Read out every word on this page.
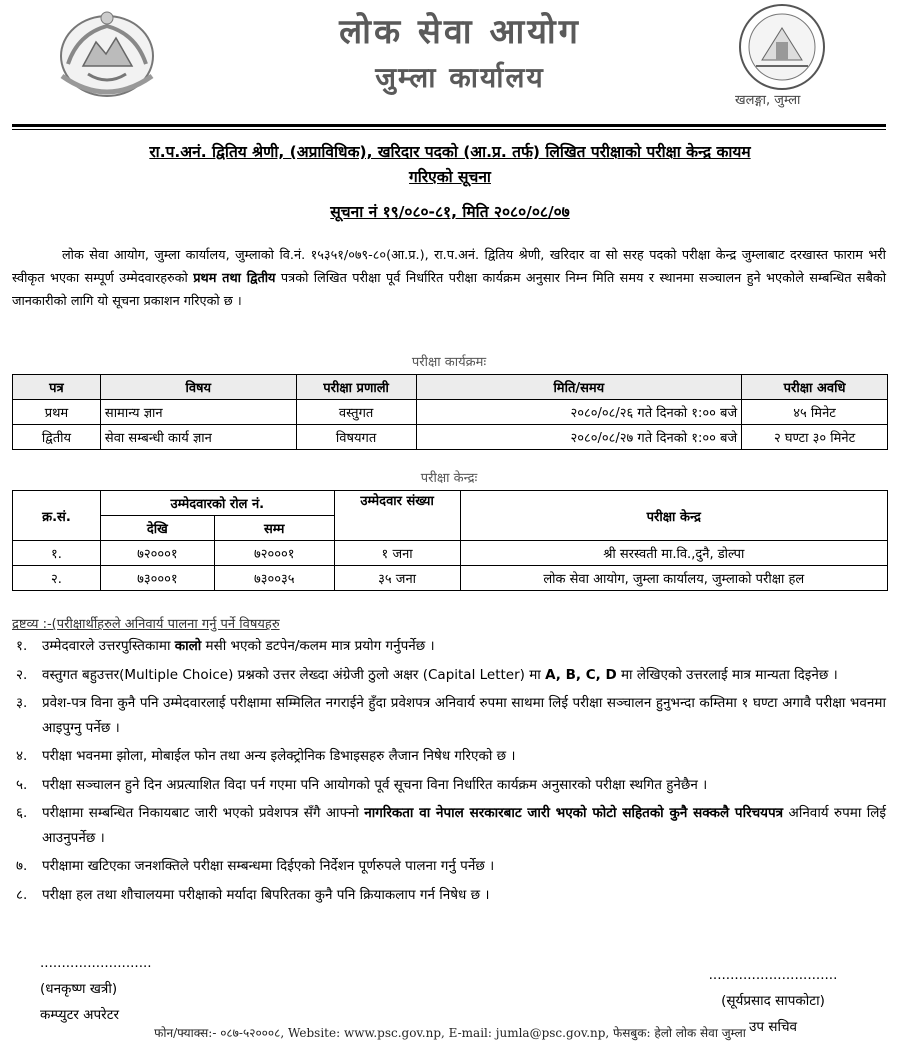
लोक सेवा आयोग
जुम्ला कार्यालय
खलङ्गा, जुम्ला
रा.प.अनं. द्वितिय श्रेणी, (अप्राविधिक), खरिदार पदको (आ.प्र. तर्फ) लिखित परीक्षाको परीक्षा केन्द्र कायम
गरिएको सूचना
सूचना नं १९/०८०-८१, मिति २०८०/०८/०७
लोक सेवा आयोग, जुम्ला कार्यालय, जुम्लाको वि.नं. १५३५१/०७९-८०(आ.प्र.), रा.प.अनं. द्वितिय श्रेणी, खरिदार वा सो सरह पदको परीक्षा केन्द्र जुम्लाबाट दरखास्त फाराम भरी स्वीकृत भएका सम्पूर्ण उम्मेदवारहरुको प्रथम तथा द्वितीय पत्रको लिखित परीक्षा पूर्व निर्धारित परीक्षा कार्यक्रम अनुसार निम्न मिति समय र स्थानमा सञ्चालन हुने भएकोले सम्बन्धित सबैको जानकारीको लागि यो सूचना प्रकाशन गरिएको छ ।
परीक्षा कार्यक्रमः
पत्र	विषय	परीक्षा प्रणाली	मिति/समय	परीक्षा अवधि
प्रथम	सामान्य ज्ञान	वस्तुगत	२०८०/०८/२६ गते दिनको १:०० बजे	४५ मिनेट
द्वितीय	सेवा सम्बन्धी कार्य ज्ञान	विषयगत	२०८०/०८/२७ गते दिनको १:०० बजे	२ घण्टा ३० मिनेट
परीक्षा केन्द्रः
क्र.सं.	उम्मेदवारको रोल नं.		उम्मेदवार संख्या	परीक्षा केन्द्र
	देखि	सम्म		
१.	७२०००१	७२०००१	१ जना	श्री सरस्वती मा.वि.,दुनै, डोल्पा
२.	७३०००१	७३००३५	३५ जना	लोक सेवा आयोग, जुम्ला कार्यालय, जुम्लाको परीक्षा हल
द्रष्टव्य :-(परीक्षार्थीहरुले अनिवार्य पालना गर्नु पर्ने विषयहरु
१. उम्मेदवारले उत्तरपुस्तिकामा कालो मसी भएको डटपेन/कलम मात्र प्रयोग गर्नुपर्नेछ ।
२. वस्तुगत बहुउत्तर(Multiple Choice) प्रश्नको उत्तर लेख्दा अंग्रेजी ठुलो अक्षर (Capital Letter) मा A, B, C, D मा लेखिएको उत्तरलाई मात्र मान्यता दिइनेछ ।
३. प्रवेश-पत्र विना कुनै पनि उम्मेदवारलाई परीक्षामा सम्मिलित नगराईने हुँदा प्रवेशपत्र अनिवार्य रुपमा साथमा लिई परीक्षा सञ्चालन हुनुभन्दा कम्तिमा १ घण्टा अगावै परीक्षा भवनमा आइपुग्नु पर्नेछ ।
४. परीक्षा भवनमा झोला, मोबाईल फोन तथा अन्य इलेक्ट्रोनिक डिभाइसहरु लैजान निषेध गरिएको छ ।
५. परीक्षा सञ्चालन हुने दिन अप्रत्याशित विदा पर्न गएमा पनि आयोगको पूर्व सूचना विना निर्धारित कार्यक्रम अनुसारको परीक्षा स्थगित हुनेछैन ।
६. परीक्षामा सम्बन्धित निकायबाट जारी भएको प्रवेशपत्र सँगै आफ्नो नागरिकता वा नेपाल सरकारबाट जारी भएको फोटो सहितको कुनै सक्कलै परिचयपत्र अनिवार्य रुपमा लिई आउनुपर्नेछ ।
७. परीक्षामा खटिएका जनशक्तिले परीक्षा सम्बन्धमा दिईएको निर्देशन पूर्णरुपले पालना गर्नु पर्नेछ ।
८. परीक्षा हल तथा शौचालयमा परीक्षाको मर्यादा बिपरितका कुनै पनि क्रियाकलाप गर्न निषेध छ ।
..........................
(धनकृष्ण खत्री)
कम्प्युटर अपरेटर
..............................
(सूर्यप्रसाद सापकोटा)
उप सचिव
फोन/फ्याक्स:- ०८७-५२०००८, Website: www.psc.gov.np, E-mail: jumla@psc.gov.np, फेसबुक: हेलो लोक सेवा जुम्ला
